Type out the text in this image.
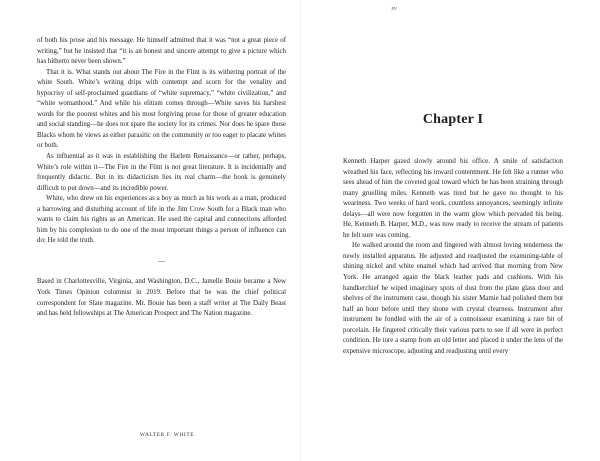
xv

of both his prose and his message. He himself admitted that it was “not a great piece of writing,” but he insisted that “it is an honest and sincere attempt to give a picture which has hitherto never been shown.”

That it is. What stands out about The Fire in the Flint is its withering portrait of the white South. White’s writing drips with contempt and scorn for the venality and hypocrisy of self-proclaimed guardians of “white supremacy,” “white civilization,” and “white womanhood.” And while his elitism comes through—White saves his harshest words for the poorest whites and his most forgiving prose for those of greater education and social standing—he does not spare the society for its crimes. Nor does he spare those Blacks whom he views as either parasitic on the community or too eager to placate whites or both.

As influential as it was in establishing the Harlem Renaissance—or rather, perhaps, White’s role within it—The Fire in the Flint is not great literature. It is incidentally and frequently didactic. But in its didacticism lies its real charm—the book is genuinely difficult to put down—and its incredible power.

White, who drew on his experiences as a boy as much as his work as a man, produced a harrowing and disturbing account of life in the Jim Crow South for a Black man who wants to claim his rights as an American. He used the capital and connections afforded him by his complexion to do one of the most important things a person of influence can do: He told the truth.

—

Based in Charlottesville, Virginia, and Washington, D.C., Jamelle Bouie became a New York Times Opinion columnist in 2019. Before that he was the chief political correspondent for Slate magazine. Mr. Bouie has been a staff writer at The Daily Beast and has held fellowships at The American Prospect and The Nation magazine.

WALTER F. WHITE
Chapter I

Kenneth Harper gazed slowly around his office. A smile of satisfaction wreathed his face, reflecting his inward contentment. He felt like a runner who sees ahead of him the coveted goal toward which he has been straining through many gruelling miles. Kenneth was tired but he gave no thought to his weariness. Two weeks of hard work, countless annoyances, seemingly infinite delays—all were now forgotten in the warm glow which pervaded his being. He, Kenneth B. Harper, M.D., was now ready to receive the stream of patients he felt sure was coming.

He walked around the room and fingered with almost loving tenderness the newly installed apparatus. He adjusted and readjusted the examining-table of shining nickel and white enamel which had arrived that morning from New York. He arranged again the black leather pads and cushions. With his handkerchief he wiped imaginary spots of dust from the plate glass door and shelves of the instrument case, though his sister Mamie had polished them but half an hour before until they shone with crystal clearness. Instrument after instrument he fondled with the air of a connoisseur examining a rare bit of porcelain. He fingered critically their various parts to see if all were in perfect condition. He tore a stamp from an old letter and placed it under the lens of the expensive microscope, adjusting and readjusting until every
